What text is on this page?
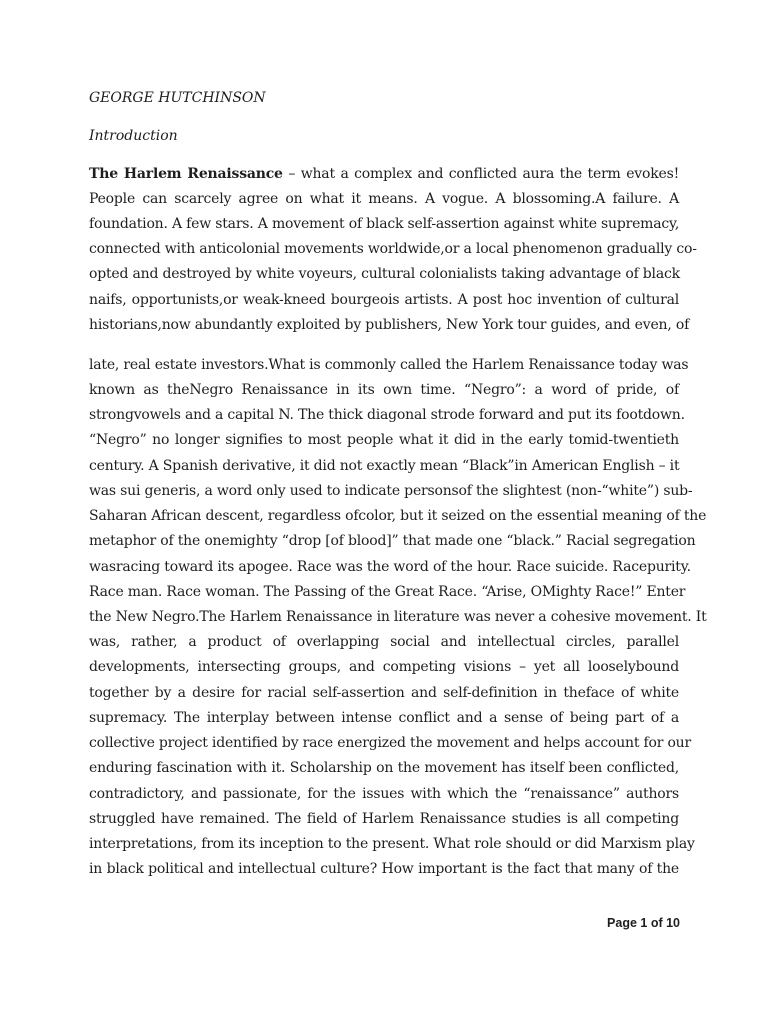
GEORGE HUTCHINSON
Introduction
The Harlem Renaissance – what a complex and conflicted aura the term evokes!
People can scarcely agree on what it means. A vogue. A blossoming.A failure. A
foundation. A few stars. A movement of black self-assertion against white supremacy,
connected with anticolonial movements worldwide,or a local phenomenon gradually co-
opted and destroyed by white voyeurs, cultural colonialists taking advantage of black
naifs, opportunists,or weak-kneed bourgeois artists. A post hoc invention of cultural
historians,now abundantly exploited by publishers, New York tour guides, and even, of
late, real estate investors.What is commonly called the Harlem Renaissance today was
known as theNegro Renaissance in its own time. “Negro”: a word of pride, of
strongvowels and a capital N. The thick diagonal strode forward and put its footdown.
“Negro” no longer signifies to most people what it did in the early tomid-twentieth
century. A Spanish derivative, it did not exactly mean “Black”in American English – it
was sui generis, a word only used to indicate personsof the slightest (non-“white”) sub-
Saharan African descent, regardless ofcolor, but it seized on the essential meaning of the
metaphor of the onemighty “drop [of blood]” that made one “black.” Racial segregation
wasracing toward its apogee. Race was the word of the hour. Race suicide. Racepurity.
Race man. Race woman. The Passing of the Great Race. “Arise, OMighty Race!” Enter
the New Negro.The Harlem Renaissance in literature was never a cohesive movement. It
was, rather, a product of overlapping social and intellectual circles, parallel
developments, intersecting groups, and competing visions – yet all looselybound
together by a desire for racial self-assertion and self-definition in theface of white
supremacy. The interplay between intense conflict and a sense of being part of a
collective project identified by race energized the movement and helps account for our
enduring fascination with it. Scholarship on the movement has itself been conflicted,
contradictory, and passionate, for the issues with which the “renaissance” authors
struggled have remained. The field of Harlem Renaissance studies is all competing
interpretations, from its inception to the present. What role should or did Marxism play
in black political and intellectual culture? How important is the fact that many of the
Page 1 of 10
